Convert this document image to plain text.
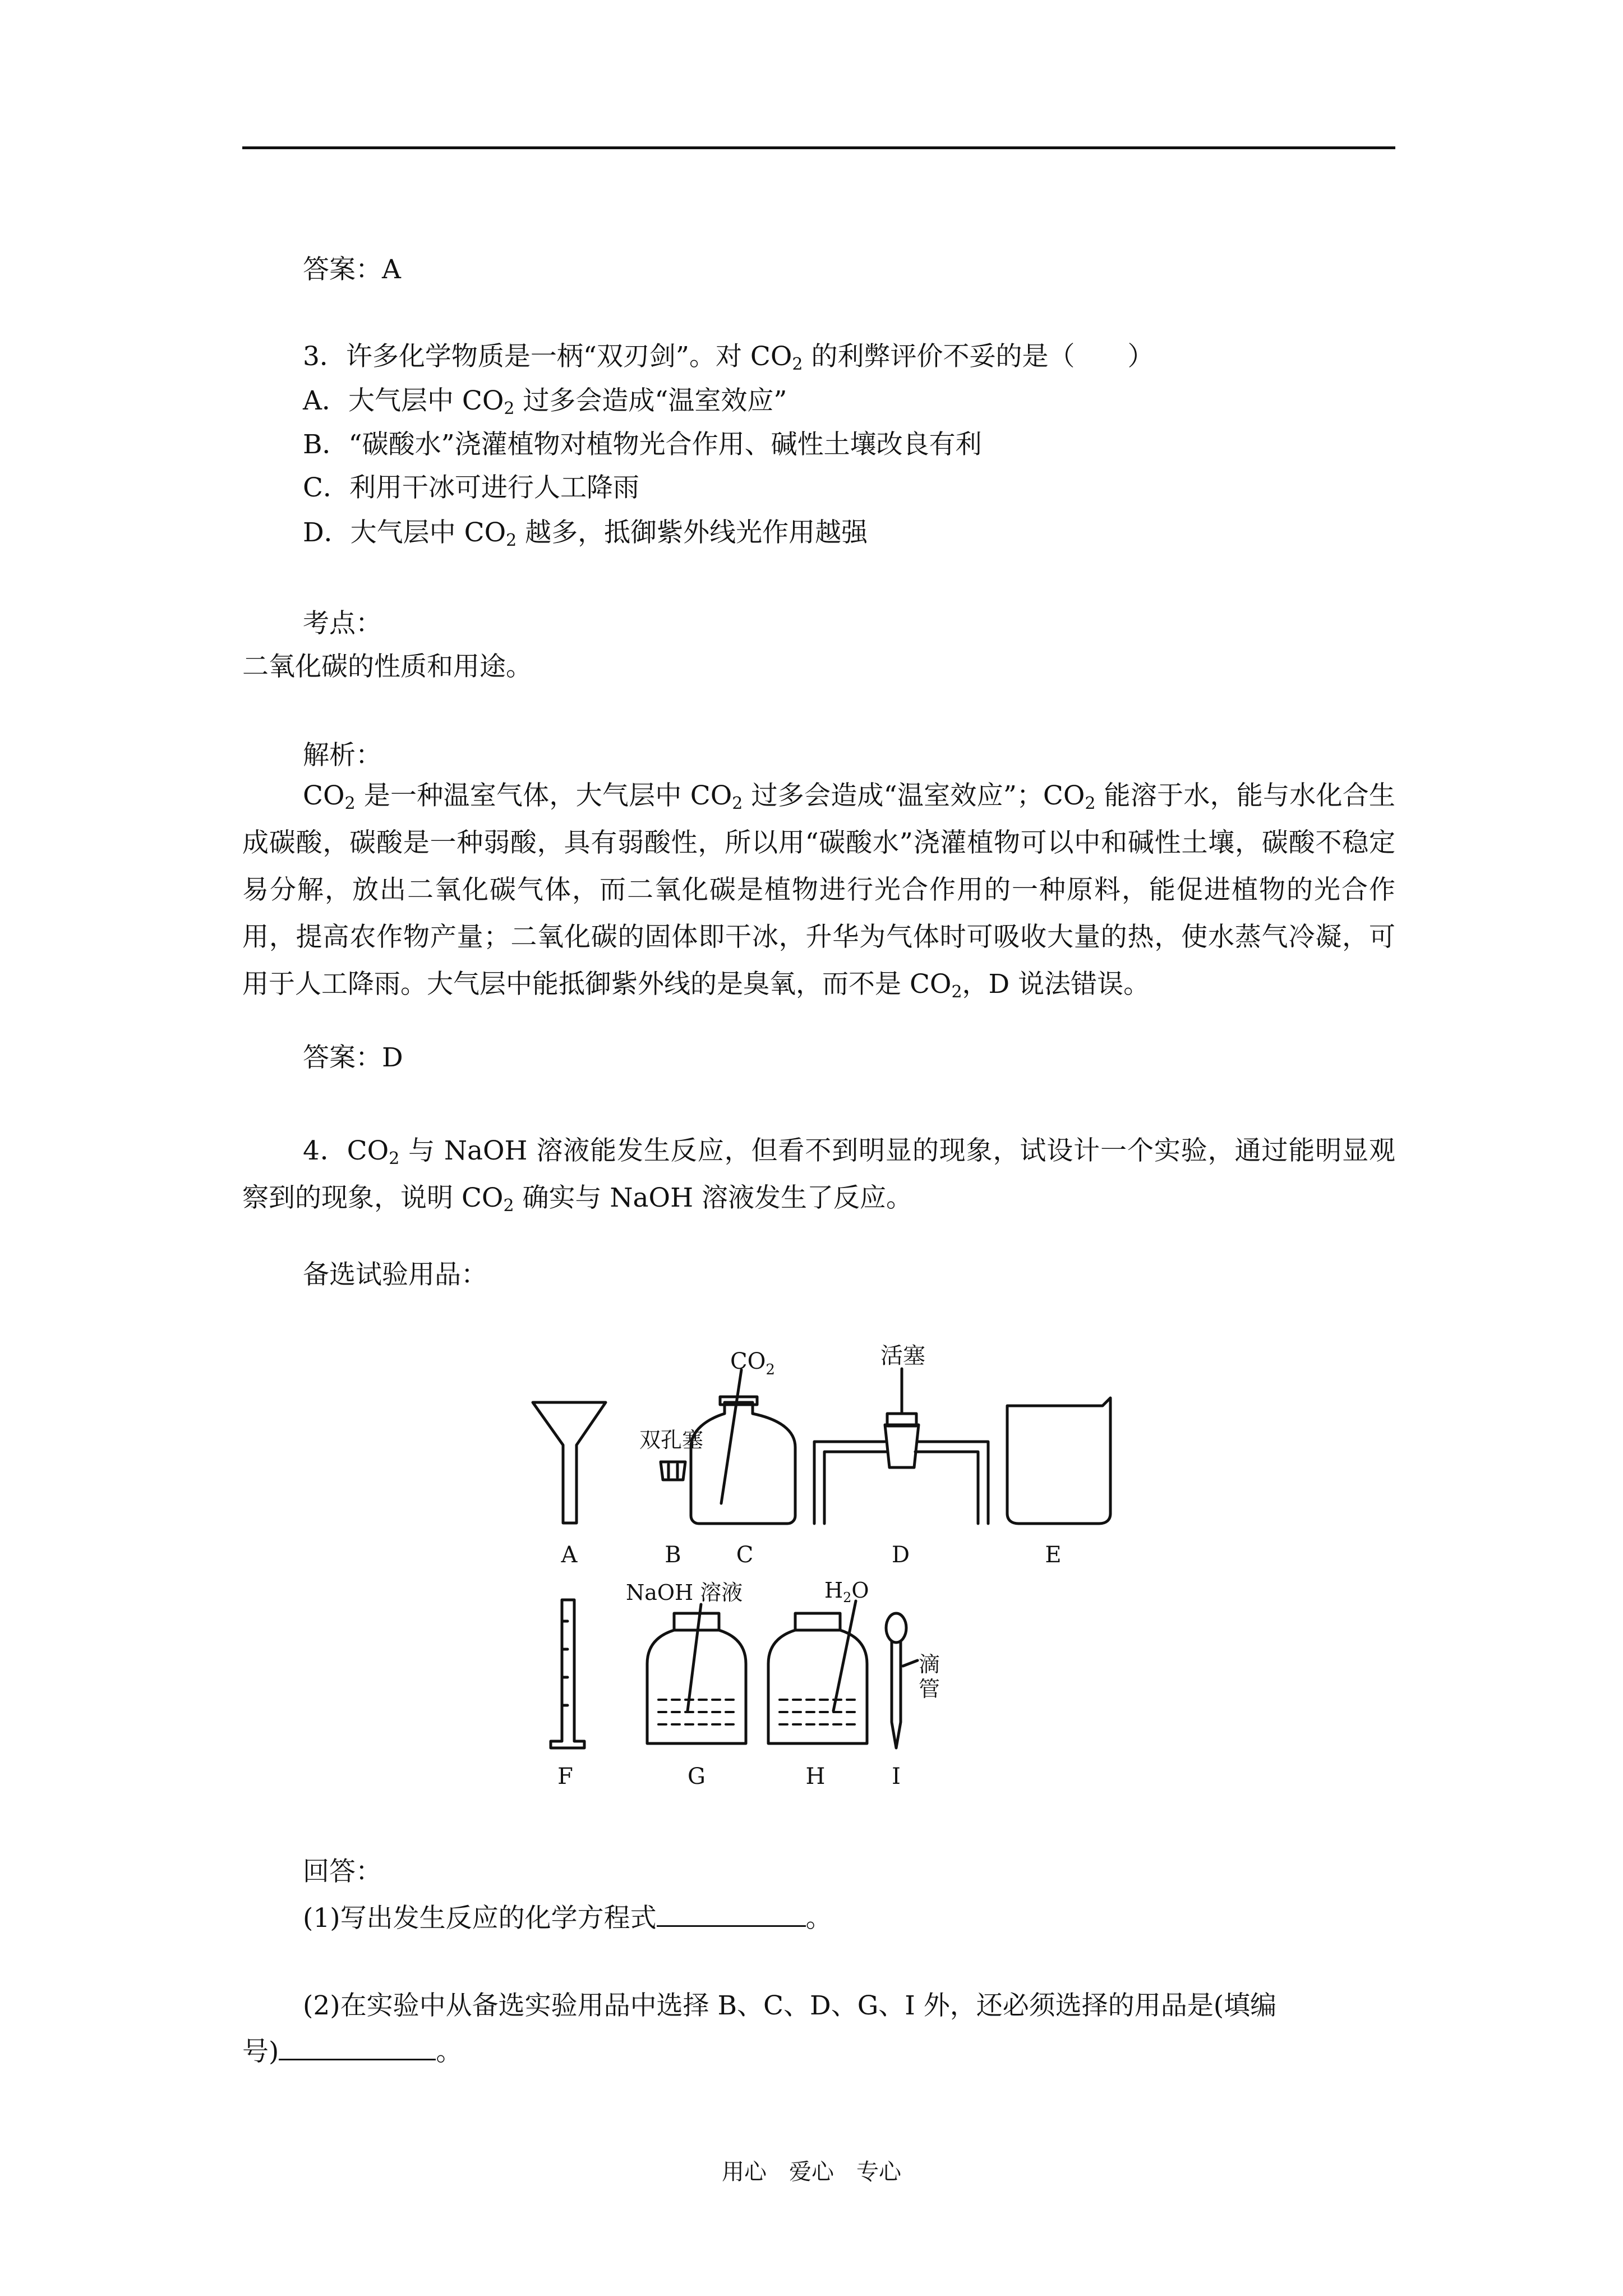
答案：A
3．许多化学物质是一柄“双刃剑”。对 $CO_2$ 的利弊评价不妥的是（　　）
A．大气层中 $CO_2$ 过多会造成“温室效应”
B．“碳酸水”浇灌植物对植物光合作用、碱性土壤改良有利
C．利用干冰可进行人工降雨
D．大气层中 $CO_2$ 越多，抵御紫外线光作用越强
考点：
二氧化碳的性质和用途。
解析：
$CO_2$ 是一种温室气体，大气层中 $CO_2$ 过多会造成“温室效应”；$CO_2$ 能溶于水，能与水化合生成碳酸，碳酸是一种弱酸，具有弱酸性，所以用“碳酸水”浇灌植物可以中和碱性土壤，碳酸不稳定易分解，放出二氧化碳气体，而二氧化碳是植物进行光合作用的一种原料，能促进植物的光合作用，提高农作物产量；二氧化碳的固体即干冰，升华为气体时可吸收大量的热，使水蒸气冷凝，可用于人工降雨。大气层中能抵御紫外线的是臭氧，而不是 $CO_2$，D 说法错误。
答案：D
4．$CO_2$ 与 NaOH 溶液能发生反应，但看不到明显的现象，试设计一个实验，通过能明显观察到的现象，说明 $CO_2$ 确实与 NaOH 溶液发生了反应。
备选试验用品：
双孔塞
$CO_2$
活塞
A	B C	D	E
NaOH 溶液	$H_2O$
滴
管
F	G	H	I
回答：
(1)写出发生反应的化学方程式	。
(2)在实验中从备选实验用品中选择 B、C、D、G、I 外，还必须选择的用品是(填编
号)	。
用心　爱心　专心
